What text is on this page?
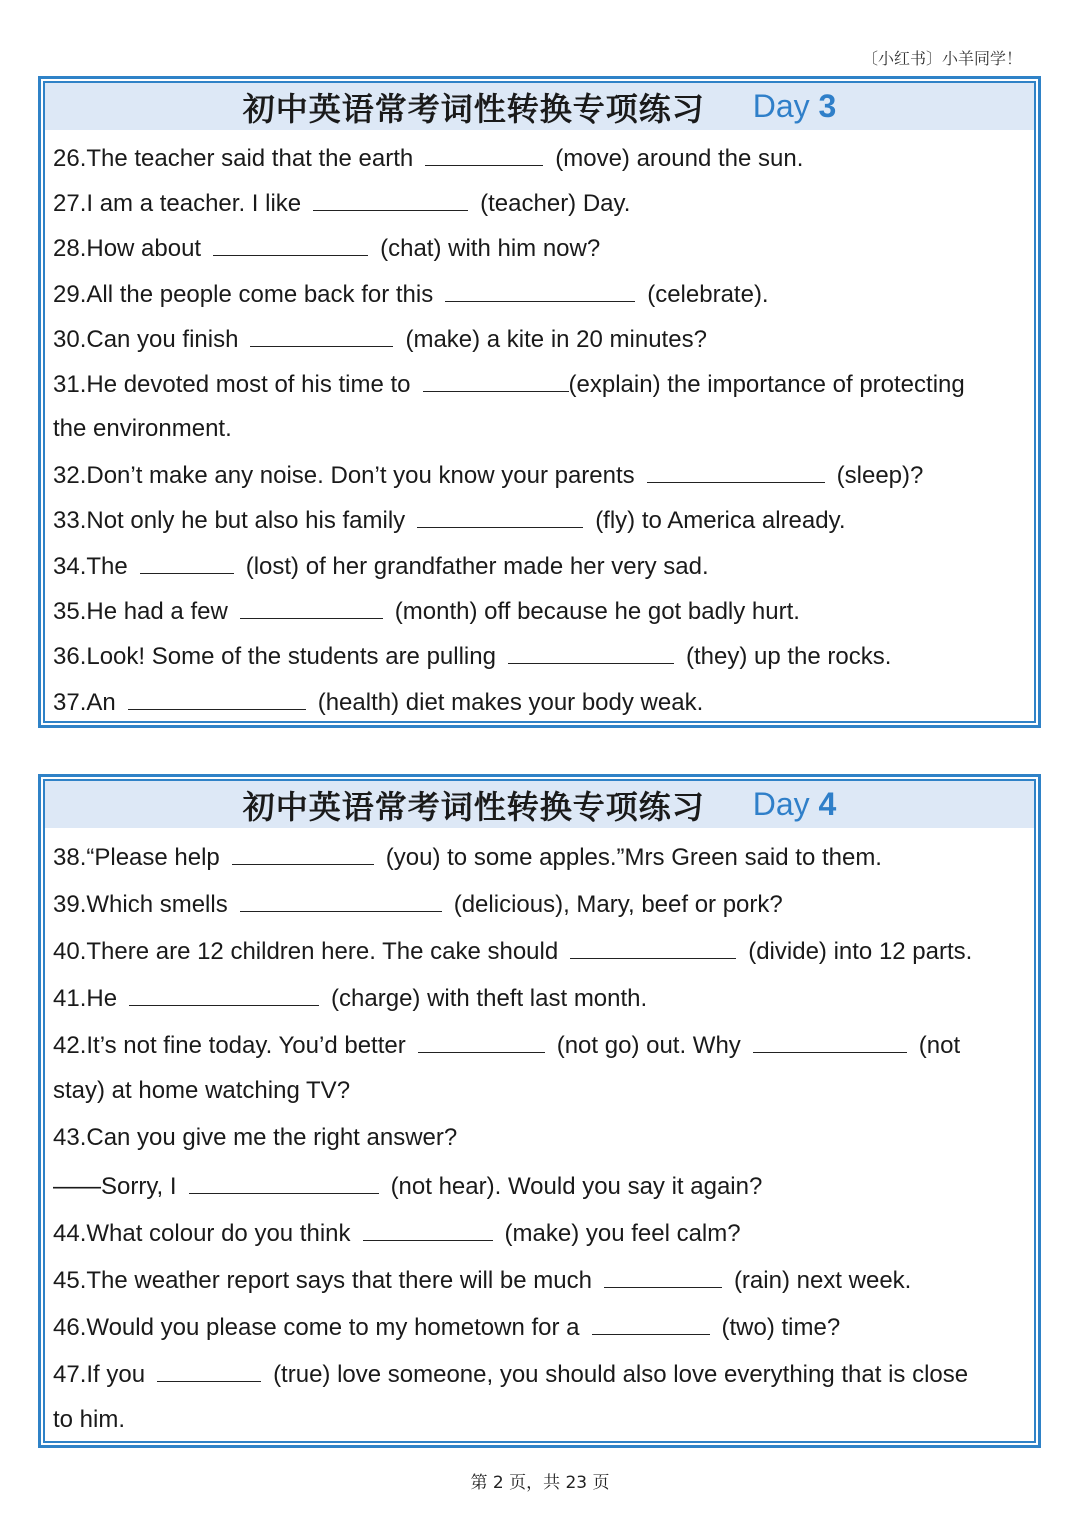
〔小红书〕小羊同学！
初中英语常考词性转换专项练习 Day 3
26.The teacher said that the earth	(move) around the sun.
27.I am a teacher. I like	(teacher) Day.
28.How about	(chat) with him now?
29.All the people come back for this	(celebrate).
30.Can you finish	(make) a kite in 20 minutes?
31.He devoted most of his time to	(explain) the importance of protecting
the environment.
32.Don’t make any noise. Don’t you know your parents	(sleep)?
33.Not only he but also his family	(fly) to America already.
34.The	(lost) of her grandfather made her very sad.
35.He had a few	(month) off because he got badly hurt.
36.Look! Some of the students are pulling	(they) up the rocks.
37.An	(health) diet makes your body weak.
初中英语常考词性转换专项练习 Day 4
38.“Please help	(you) to some apples.”Mrs Green said to them.
39.Which smells	(delicious), Mary, beef or pork?
40.There are 12 children here. The cake should	(divide) into 12 parts.
41.He	(charge) with theft last month.
42.It’s not fine today. You’d better	(not go) out. Why	(not
stay) at home watching TV?
43.Can you give me the right answer?
——Sorry, I	(not hear). Would you say it again?
44.What colour do you think	(make) you feel calm?
45.The weather report says that there will be much	(rain) next week.
46.Would you please come to my hometown for a	(two) time?
47.If you	(true) love someone, you should also love everything that is close
to him.
第 2 页，共 23 页
